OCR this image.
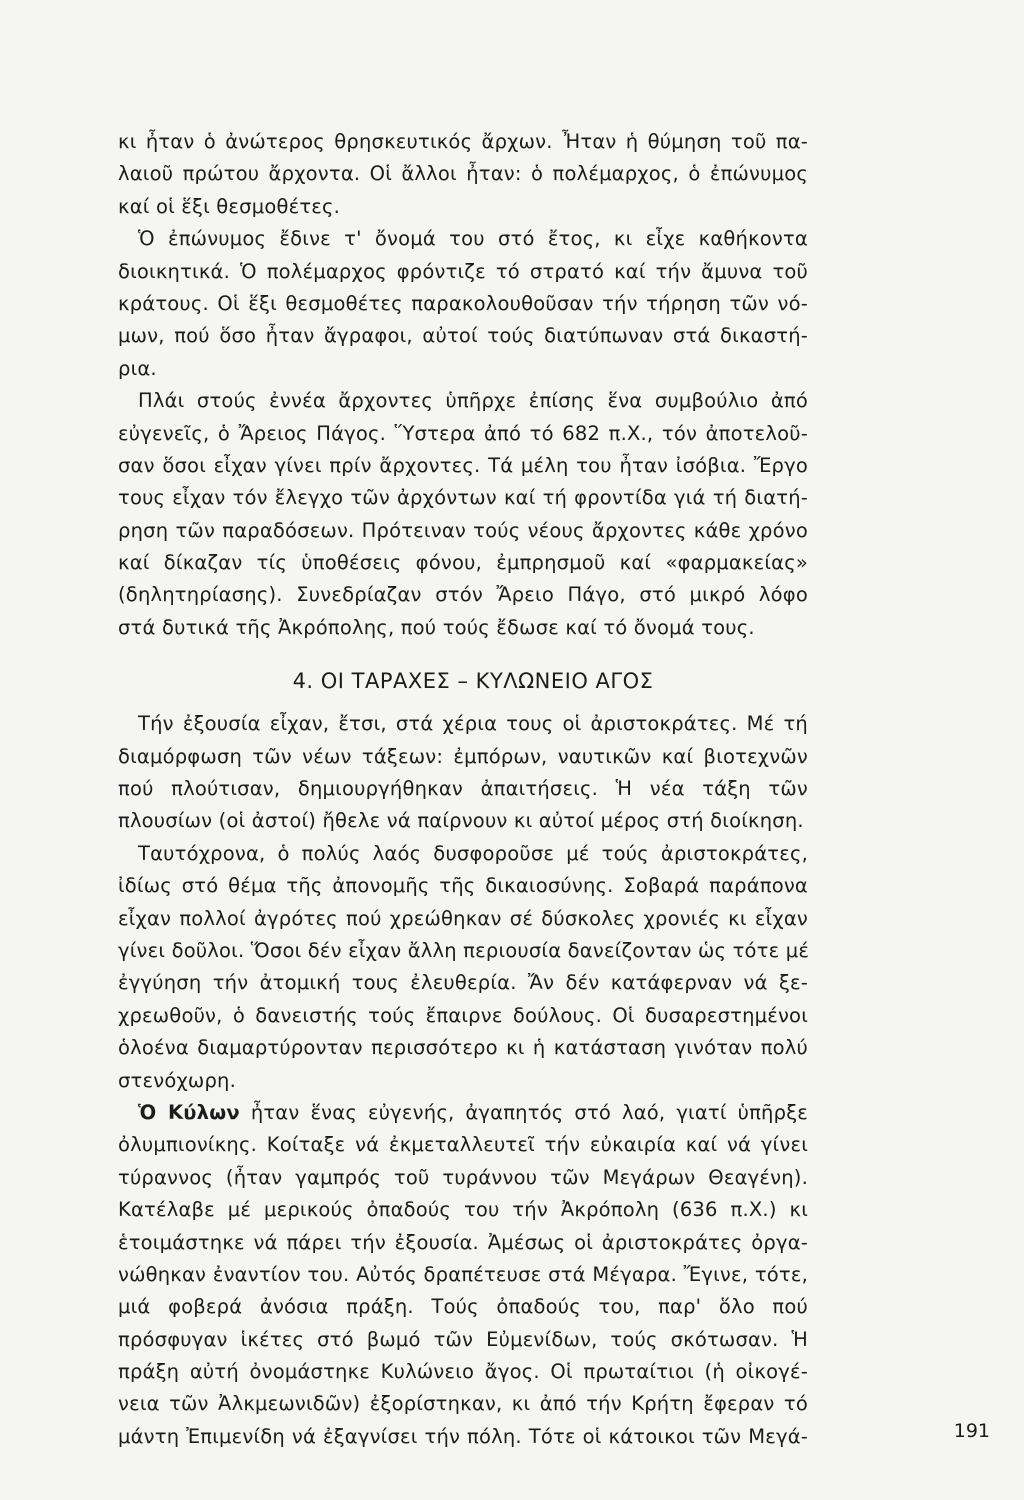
κι ἦταν ὁ ἀνώτερος θρησκευτικός ἄρχων. Ἦταν ἡ θύμηση τοῦ πα-
λαιοῦ πρώτου ἄρχοντα. Οἱ ἄλλοι ἦταν: ὁ πολέμαρχος, ὁ ἐπώνυμος
καί οἱ ἕξι θεσμοθέτες.
Ὁ ἐπώνυμος ἔδινε τ' ὄνομά του στό ἔτος, κι εἶχε καθήκοντα
διοικητικά. Ὁ πολέμαρχος φρόντιζε τό στρατό καί τήν ἄμυνα τοῦ
κράτους. Οἱ ἕξι θεσμοθέτες παρακολουθοῦσαν τήν τήρηση τῶν νό-
μων, πού ὅσο ἦταν ἄγραφοι, αὐτοί τούς διατύπωναν στά δικαστή-
ρια.
Πλάι στούς ἐννέα ἄρχοντες ὑπῆρχε ἐπίσης ἕνα συμβούλιο ἀπό
εὐγενεῖς, ὁ Ἄρειος Πάγος. Ὕστερα ἀπό τό 682 π.Χ., τόν ἀποτελοῦ-
σαν ὅσοι εἶχαν γίνει πρίν ἄρχοντες. Τά μέλη του ἦταν ἰσόβια. Ἔργο
τους εἶχαν τόν ἔλεγχο τῶν ἀρχόντων καί τή φροντίδα γιά τή διατή-
ρηση τῶν παραδόσεων. Πρότειναν τούς νέους ἄρχοντες κάθε χρόνο
καί δίκαζαν τίς ὑποθέσεις φόνου, ἐμπρησμοῦ καί «φαρμακείας»
(δηλητηρίασης). Συνεδρίαζαν στόν Ἄρειο Πάγο, στό μικρό λόφο
στά δυτικά τῆς Ἀκρόπολης, πού τούς ἔδωσε καί τό ὄνομά τους.
4. ΟΙ ΤΑΡΑΧΕΣ – ΚΥΛΩΝΕΙΟ ΑΓΟΣ
Τήν ἐξουσία εἶχαν, ἔτσι, στά χέρια τους οἱ ἀριστοκράτες. Μέ τή
διαμόρφωση τῶν νέων τάξεων: ἐμπόρων, ναυτικῶν καί βιοτεχνῶν
πού πλούτισαν, δημιουργήθηκαν ἀπαιτήσεις. Ἡ νέα τάξη τῶν
πλουσίων (οἱ ἀστοί) ἤθελε νά παίρνουν κι αὐτοί μέρος στή διοίκηση.
Ταυτόχρονα, ὁ πολύς λαός δυσφοροῦσε μέ τούς ἀριστοκράτες,
ἰδίως στό θέμα τῆς ἀπονομῆς τῆς δικαιοσύνης. Σοβαρά παράπονα
εἶχαν πολλοί ἀγρότες πού χρεώθηκαν σέ δύσκολες χρονιές κι εἶχαν
γίνει δοῦλοι. Ὅσοι δέν εἶχαν ἄλλη περιουσία δανείζονταν ὡς τότε μέ
ἐγγύηση τήν ἀτομική τους ἐλευθερία. Ἄν δέν κατάφερναν νά ξε-
χρεωθοῦν, ὁ δανειστής τούς ἔπαιρνε δούλους. Οἱ δυσαρεστημένοι
ὁλοένα διαμαρτύρονταν περισσότερο κι ἡ κατάσταση γινόταν πολύ
στενόχωρη.
Ὁ Κύλων ἦταν ἕνας εὐγενής, ἀγαπητός στό λαό, γιατί ὑπῆρξε
ὀλυμπιονίκης. Κοίταξε νά ἐκμεταλλευτεῖ τήν εὐκαιρία καί νά γίνει
τύραννος (ἦταν γαμπρός τοῦ τυράννου τῶν Μεγάρων Θεαγένη).
Κατέλαβε μέ μερικούς ὀπαδούς του τήν Ἀκρόπολη (636 π.Χ.) κι
ἑτοιμάστηκε νά πάρει τήν ἐξουσία. Ἀμέσως οἱ ἀριστοκράτες ὀργα-
νώθηκαν ἐναντίον του. Αὐτός δραπέτευσε στά Μέγαρα. Ἔγινε, τότε,
μιά φοβερά ἀνόσια πράξη. Τούς ὀπαδούς του, παρ' ὅλο πού
πρόσφυγαν ἱκέτες στό βωμό τῶν Εὐμενίδων, τούς σκότωσαν. Ἡ
πράξη αὐτή ὀνομάστηκε Κυλώνειο ἄγος. Οἱ πρωταίτιοι (ἡ οἰκογέ-
νεια τῶν Ἀλκμεωνιδῶν) ἐξορίστηκαν, κι ἀπό τήν Κρήτη ἔφεραν τό
μάντη Ἐπιμενίδη νά ἐξαγνίσει τήν πόλη. Τότε οἱ κάτοικοι τῶν Μεγά-	191
